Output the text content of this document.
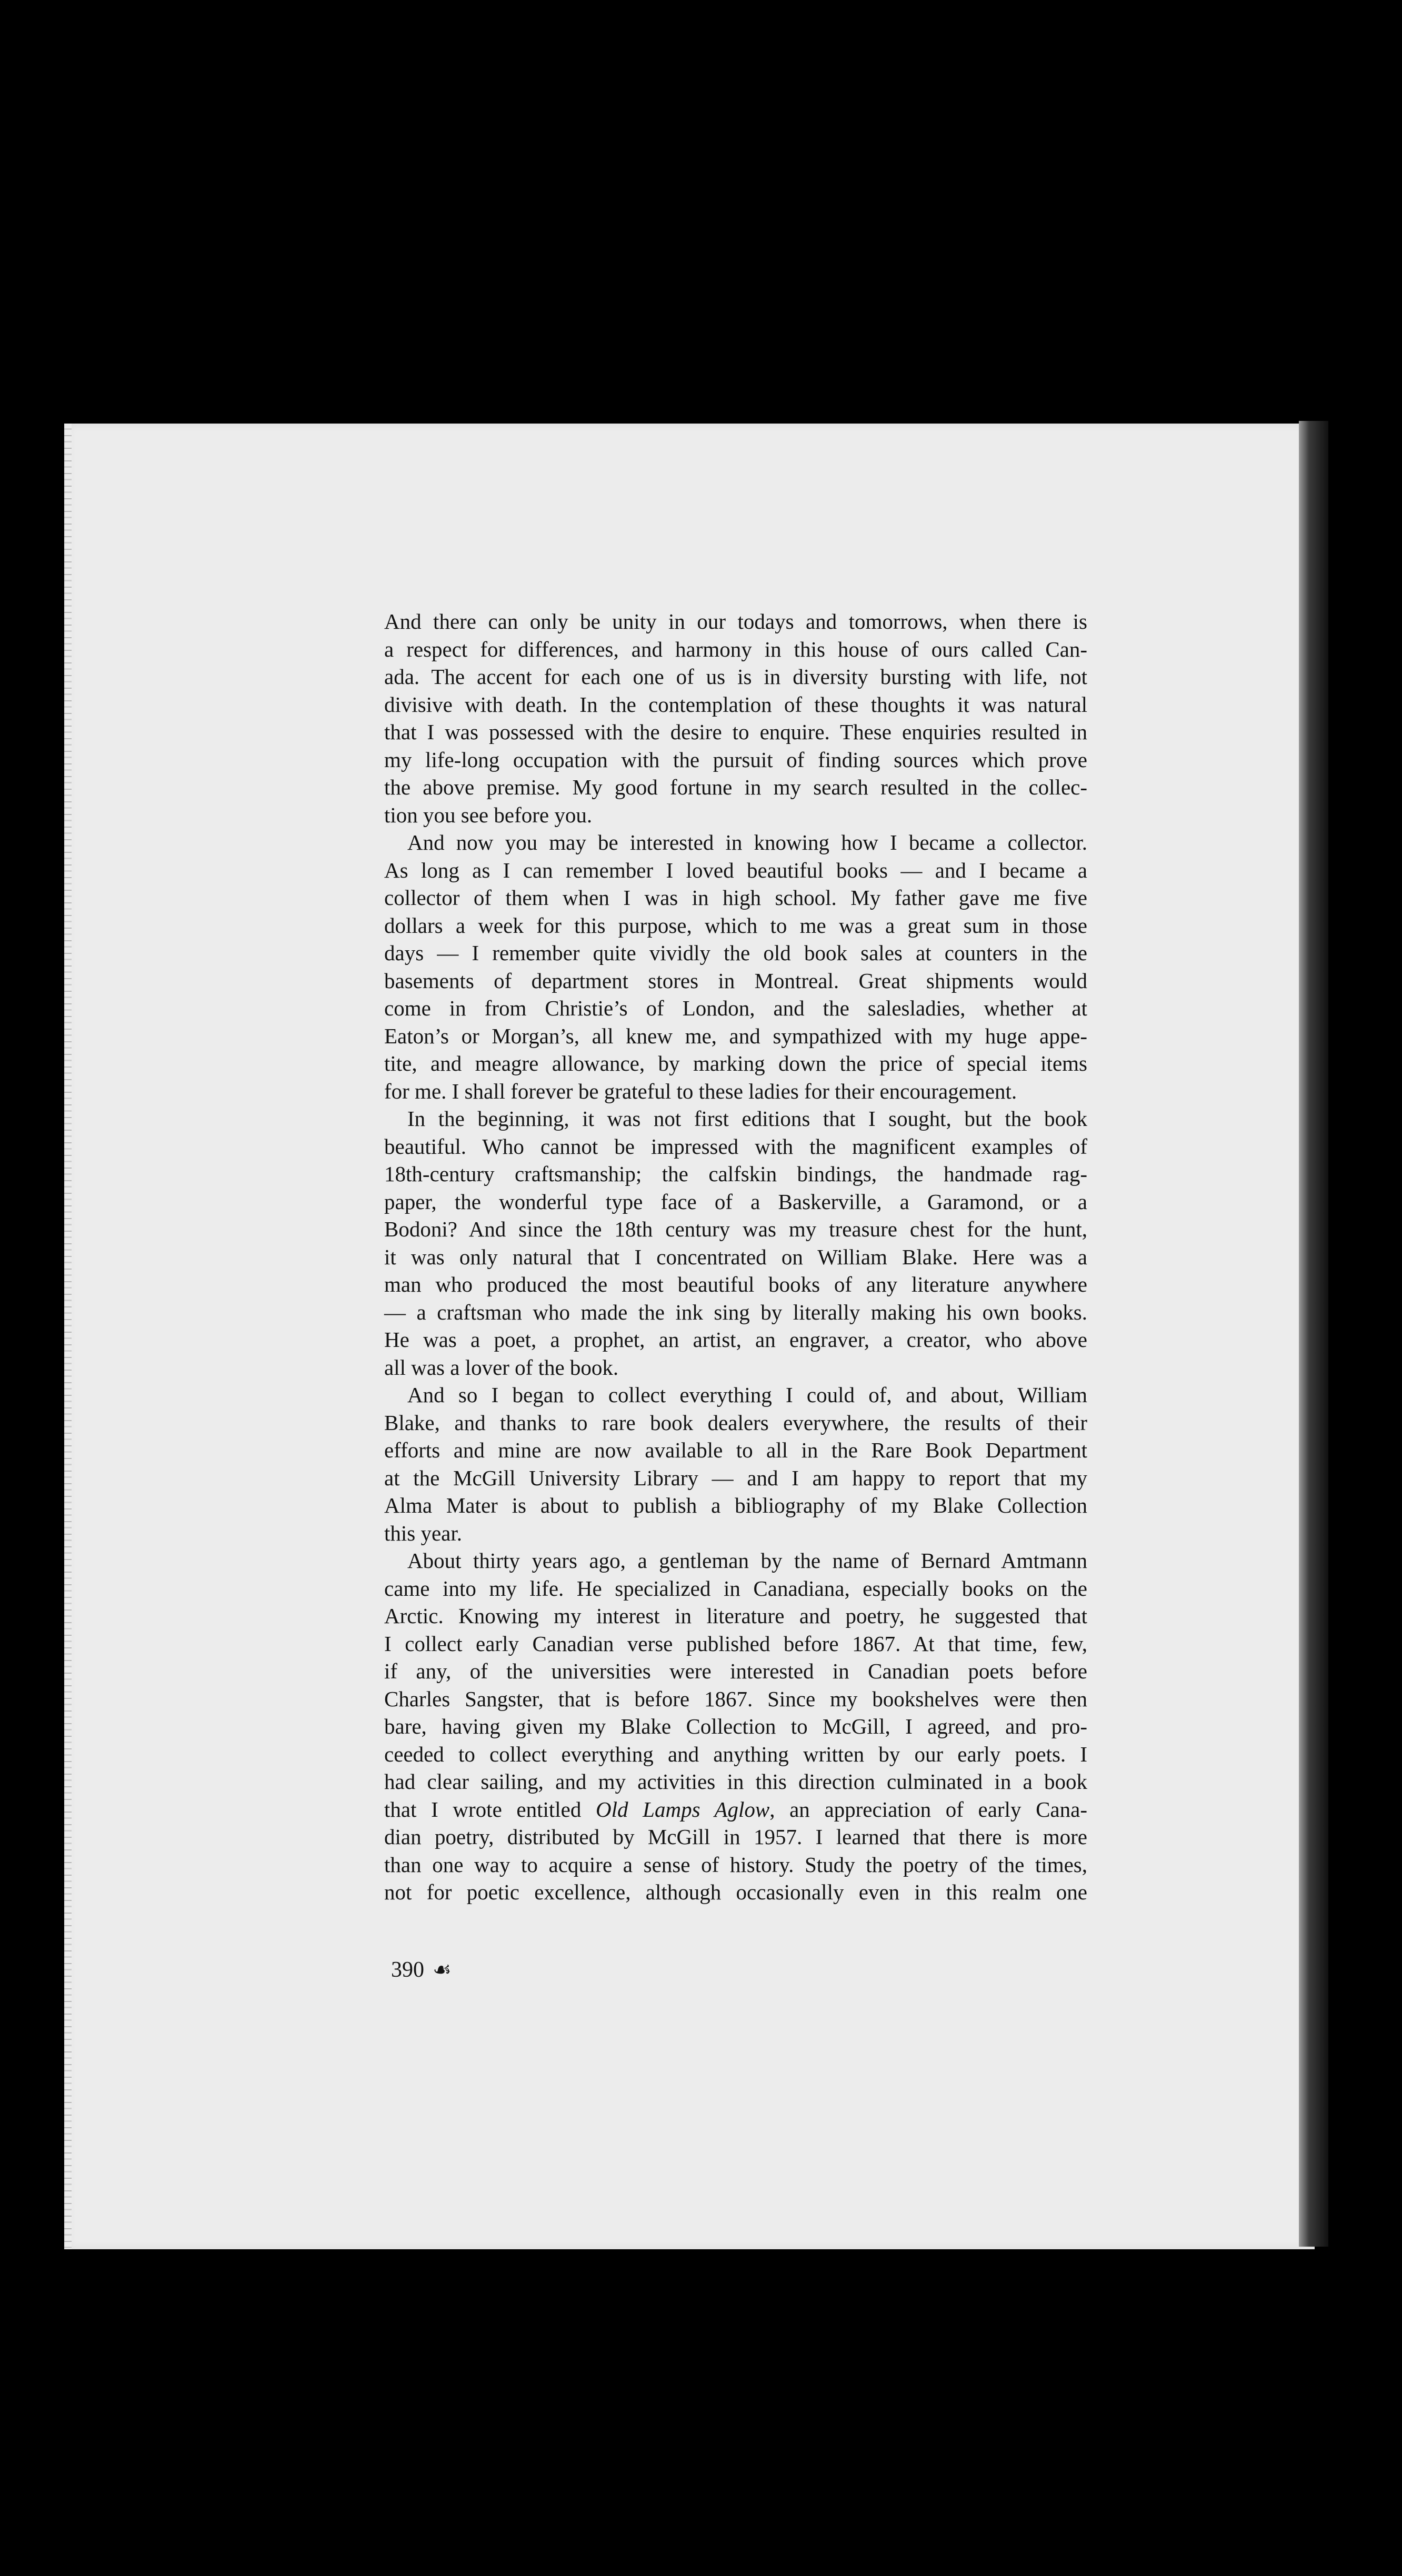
And there can only be unity in our todays and tomorrows, when there is
a respect for differences, and harmony in this house of ours called Can-
ada. The accent for each one of us is in diversity bursting with life, not
divisive with death. In the contemplation of these thoughts it was natural
that I was possessed with the desire to enquire. These enquiries resulted in
my life-long occupation with the pursuit of finding sources which prove
the above premise. My good fortune in my search resulted in the collec-
tion you see before you.
And now you may be interested in knowing how I became a collector.
As long as I can remember I loved beautiful books — and I became a
collector of them when I was in high school. My father gave me five
dollars a week for this purpose, which to me was a great sum in those
days — I remember quite vividly the old book sales at counters in the
basements of department stores in Montreal. Great shipments would
come in from Christie’s of London, and the salesladies, whether at
Eaton’s or Morgan’s, all knew me, and sympathized with my huge appe-
tite, and meagre allowance, by marking down the price of special items
for me. I shall forever be grateful to these ladies for their encouragement.
In the beginning, it was not first editions that I sought, but the book
beautiful. Who cannot be impressed with the magnificent examples of
18th-century craftsmanship; the calfskin bindings, the handmade rag-
paper, the wonderful type face of a Baskerville, a Garamond, or a
Bodoni? And since the 18th century was my treasure chest for the hunt,
it was only natural that I concentrated on William Blake. Here was a
man who produced the most beautiful books of any literature anywhere
— a craftsman who made the ink sing by literally making his own books.
He was a poet, a prophet, an artist, an engraver, a creator, who above
all was a lover of the book.
And so I began to collect everything I could of, and about, William
Blake, and thanks to rare book dealers everywhere, the results of their
efforts and mine are now available to all in the Rare Book Department
at the McGill University Library — and I am happy to report that my
Alma Mater is about to publish a bibliography of my Blake Collection
this year.
About thirty years ago, a gentleman by the name of Bernard Amtmann
came into my life. He specialized in Canadiana, especially books on the
Arctic. Knowing my interest in literature and poetry, he suggested that
I collect early Canadian verse published before 1867. At that time, few,
if any, of the universities were interested in Canadian poets before
Charles Sangster, that is before 1867. Since my bookshelves were then
bare, having given my Blake Collection to McGill, I agreed, and pro-
ceeded to collect everything and anything written by our early poets. I
had clear sailing, and my activities in this direction culminated in a book
that I wrote entitled Old Lamps Aglow, an appreciation of early Cana-
dian poetry, distributed by McGill in 1957. I learned that there is more
than one way to acquire a sense of history. Study the poetry of the times,
not for poetic excellence, although occasionally even in this realm one
390 ☙
